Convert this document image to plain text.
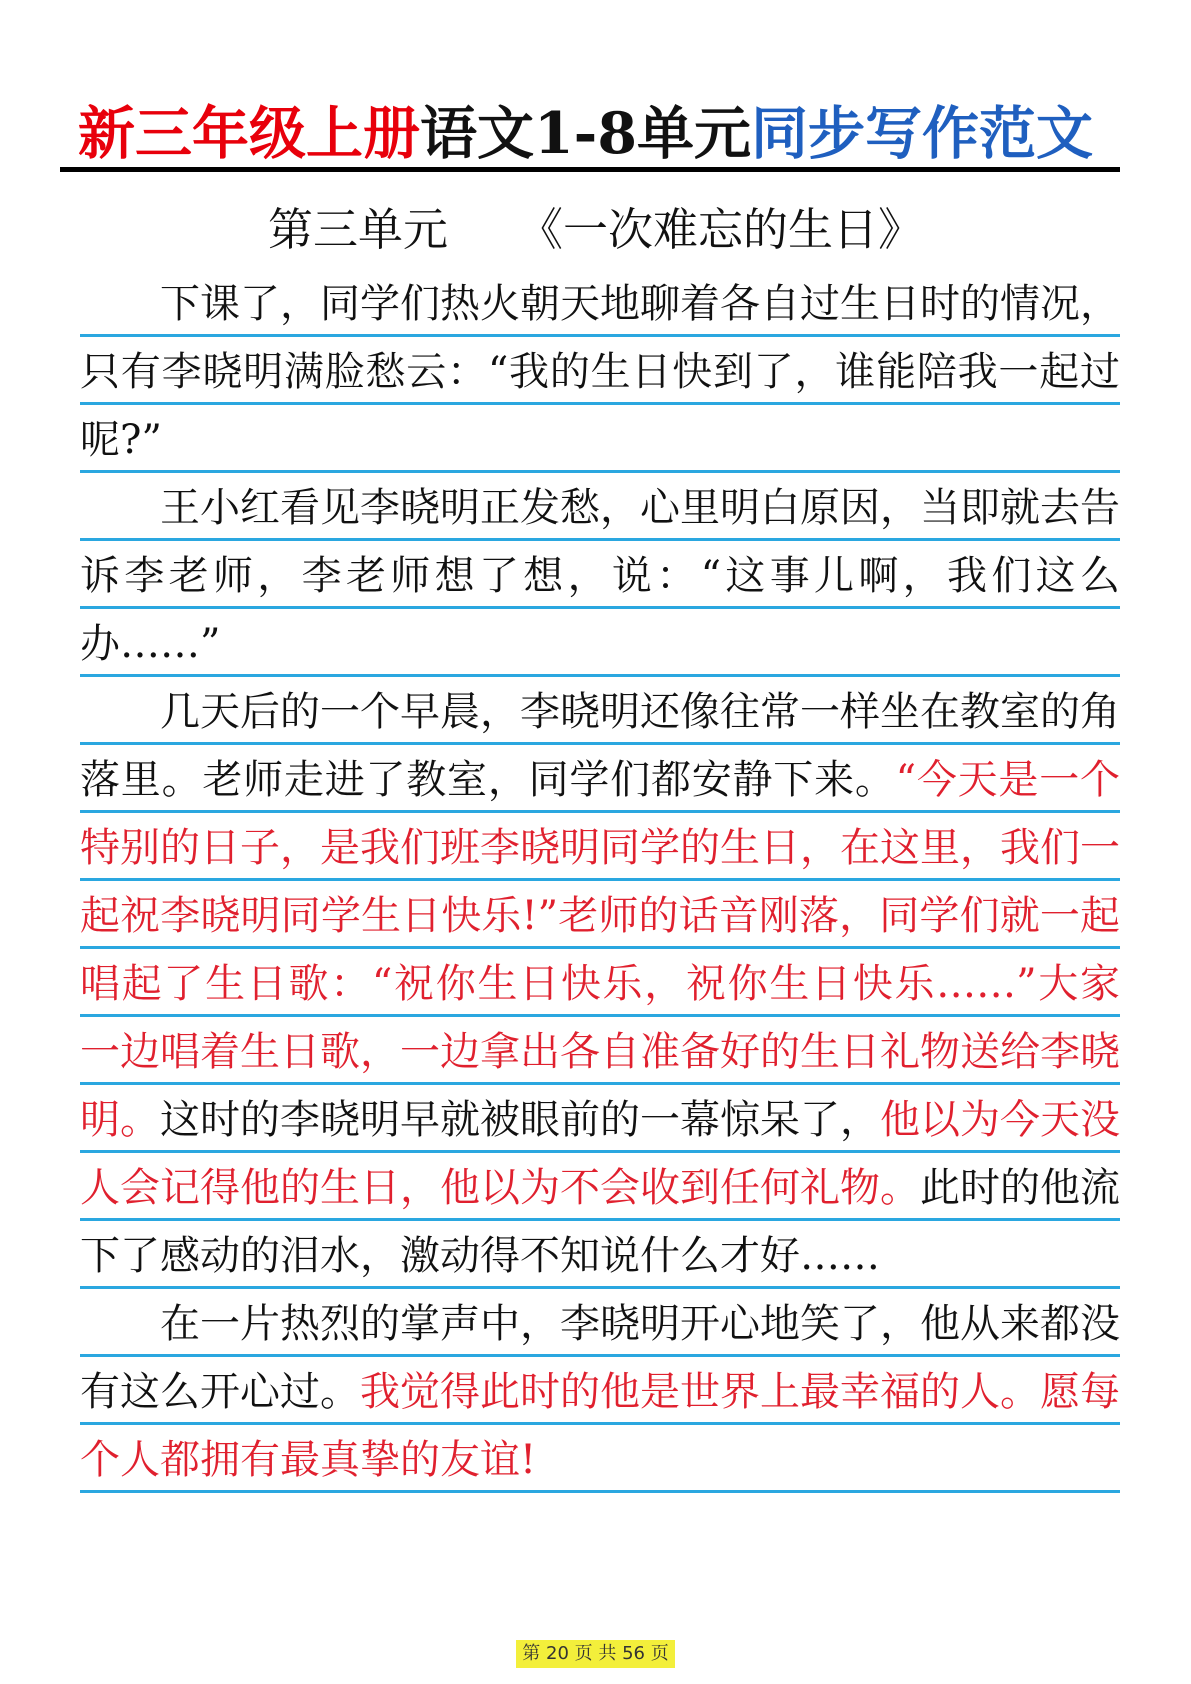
新三年级上册语文1-8单元同步写作范文
第三单元 《一次难忘的生日》

下课了，同学们热火朝天地聊着各自过生日时的情况，只有李晓明满脸愁云：“我的生日快到了，谁能陪我一起过呢?”

王小红看见李晓明正发愁，心里明白原因，当即就去告诉李老师，李老师想了想，说：“这事儿啊，我们这么办……”

几天后的一个早晨，李晓明还像往常一样坐在教室的角落里。老师走进了教室，同学们都安静下来。“今天是一个特别的日子，是我们班李晓明同学的生日，在这里，我们一起祝李晓明同学生日快乐!”老师的话音刚落，同学们就一起唱起了生日歌：“祝你生日快乐，祝你生日快乐……”大家一边唱着生日歌，一边拿出各自准备好的生日礼物送给李晓明。这时的李晓明早就被眼前的一幕惊呆了，他以为今天没人会记得他的生日，他以为不会收到任何礼物。此时的他流下了感动的泪水，激动得不知说什么才好……

在一片热烈的掌声中，李晓明开心地笑了，他从来都没有这么开心过。我觉得此时的他是世界上最幸福的人。愿每个人都拥有最真挚的友谊!

第 20 页 共 56 页
